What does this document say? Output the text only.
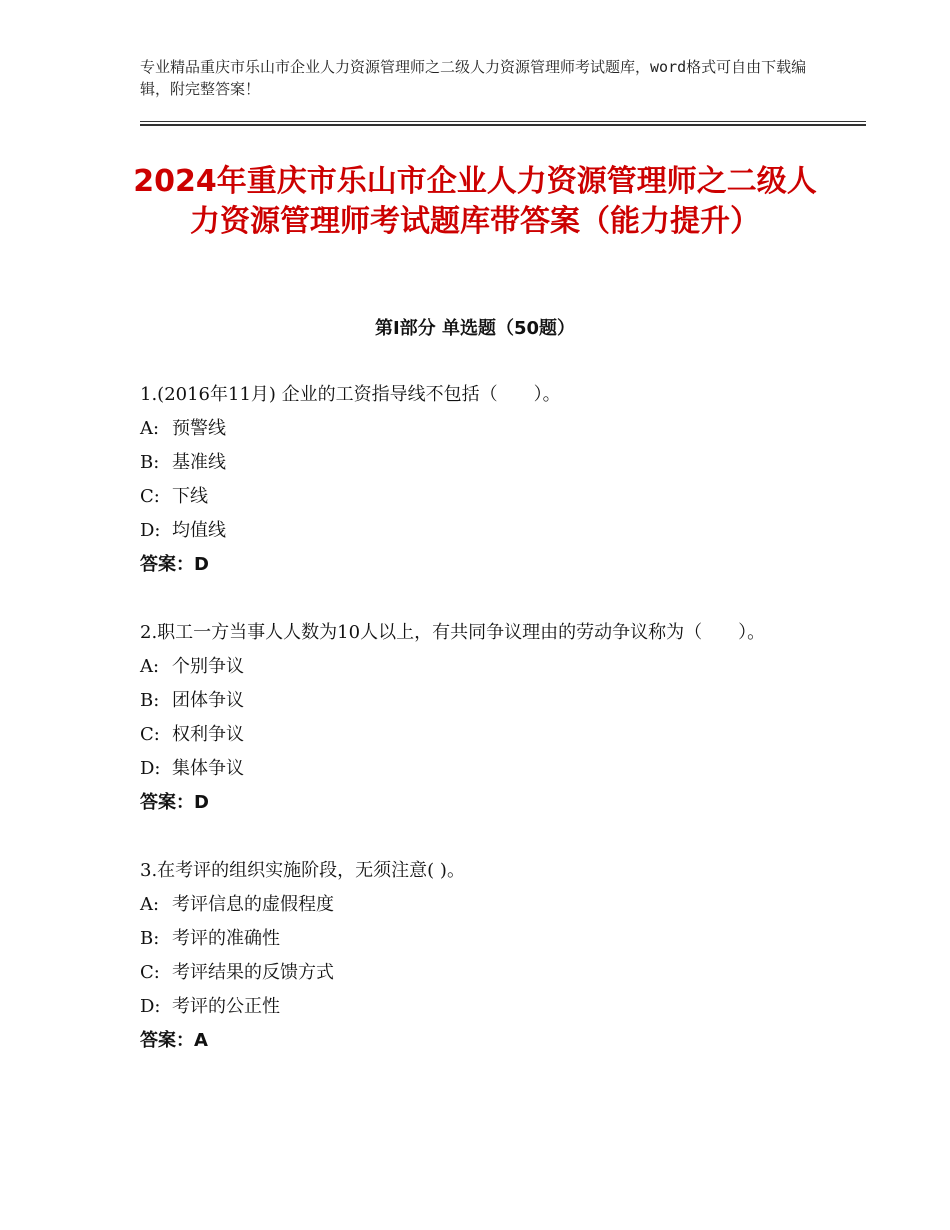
专业精品重庆市乐山市企业人力资源管理师之二级人力资源管理师考试题库，word格式可自由下载编辑，附完整答案！
2024年重庆市乐山市企业人力资源管理师之二级人力资源管理师考试题库带答案（能力提升）
第Ⅰ部分 单选题（50题）
1.(2016年11月) 企业的工资指导线不包括（　　）。
A: 预警线
B: 基准线
C: 下线
D: 均值线
答案：D
2.职工一方当事人人数为10人以上，有共同争议理由的劳动争议称为（　　）。
A: 个别争议
B: 团体争议
C: 权利争议
D: 集体争议
答案：D
3.在考评的组织实施阶段，无须注意( )。
A: 考评信息的虚假程度
B: 考评的准确性
C: 考评结果的反馈方式
D: 考评的公正性
答案：A
